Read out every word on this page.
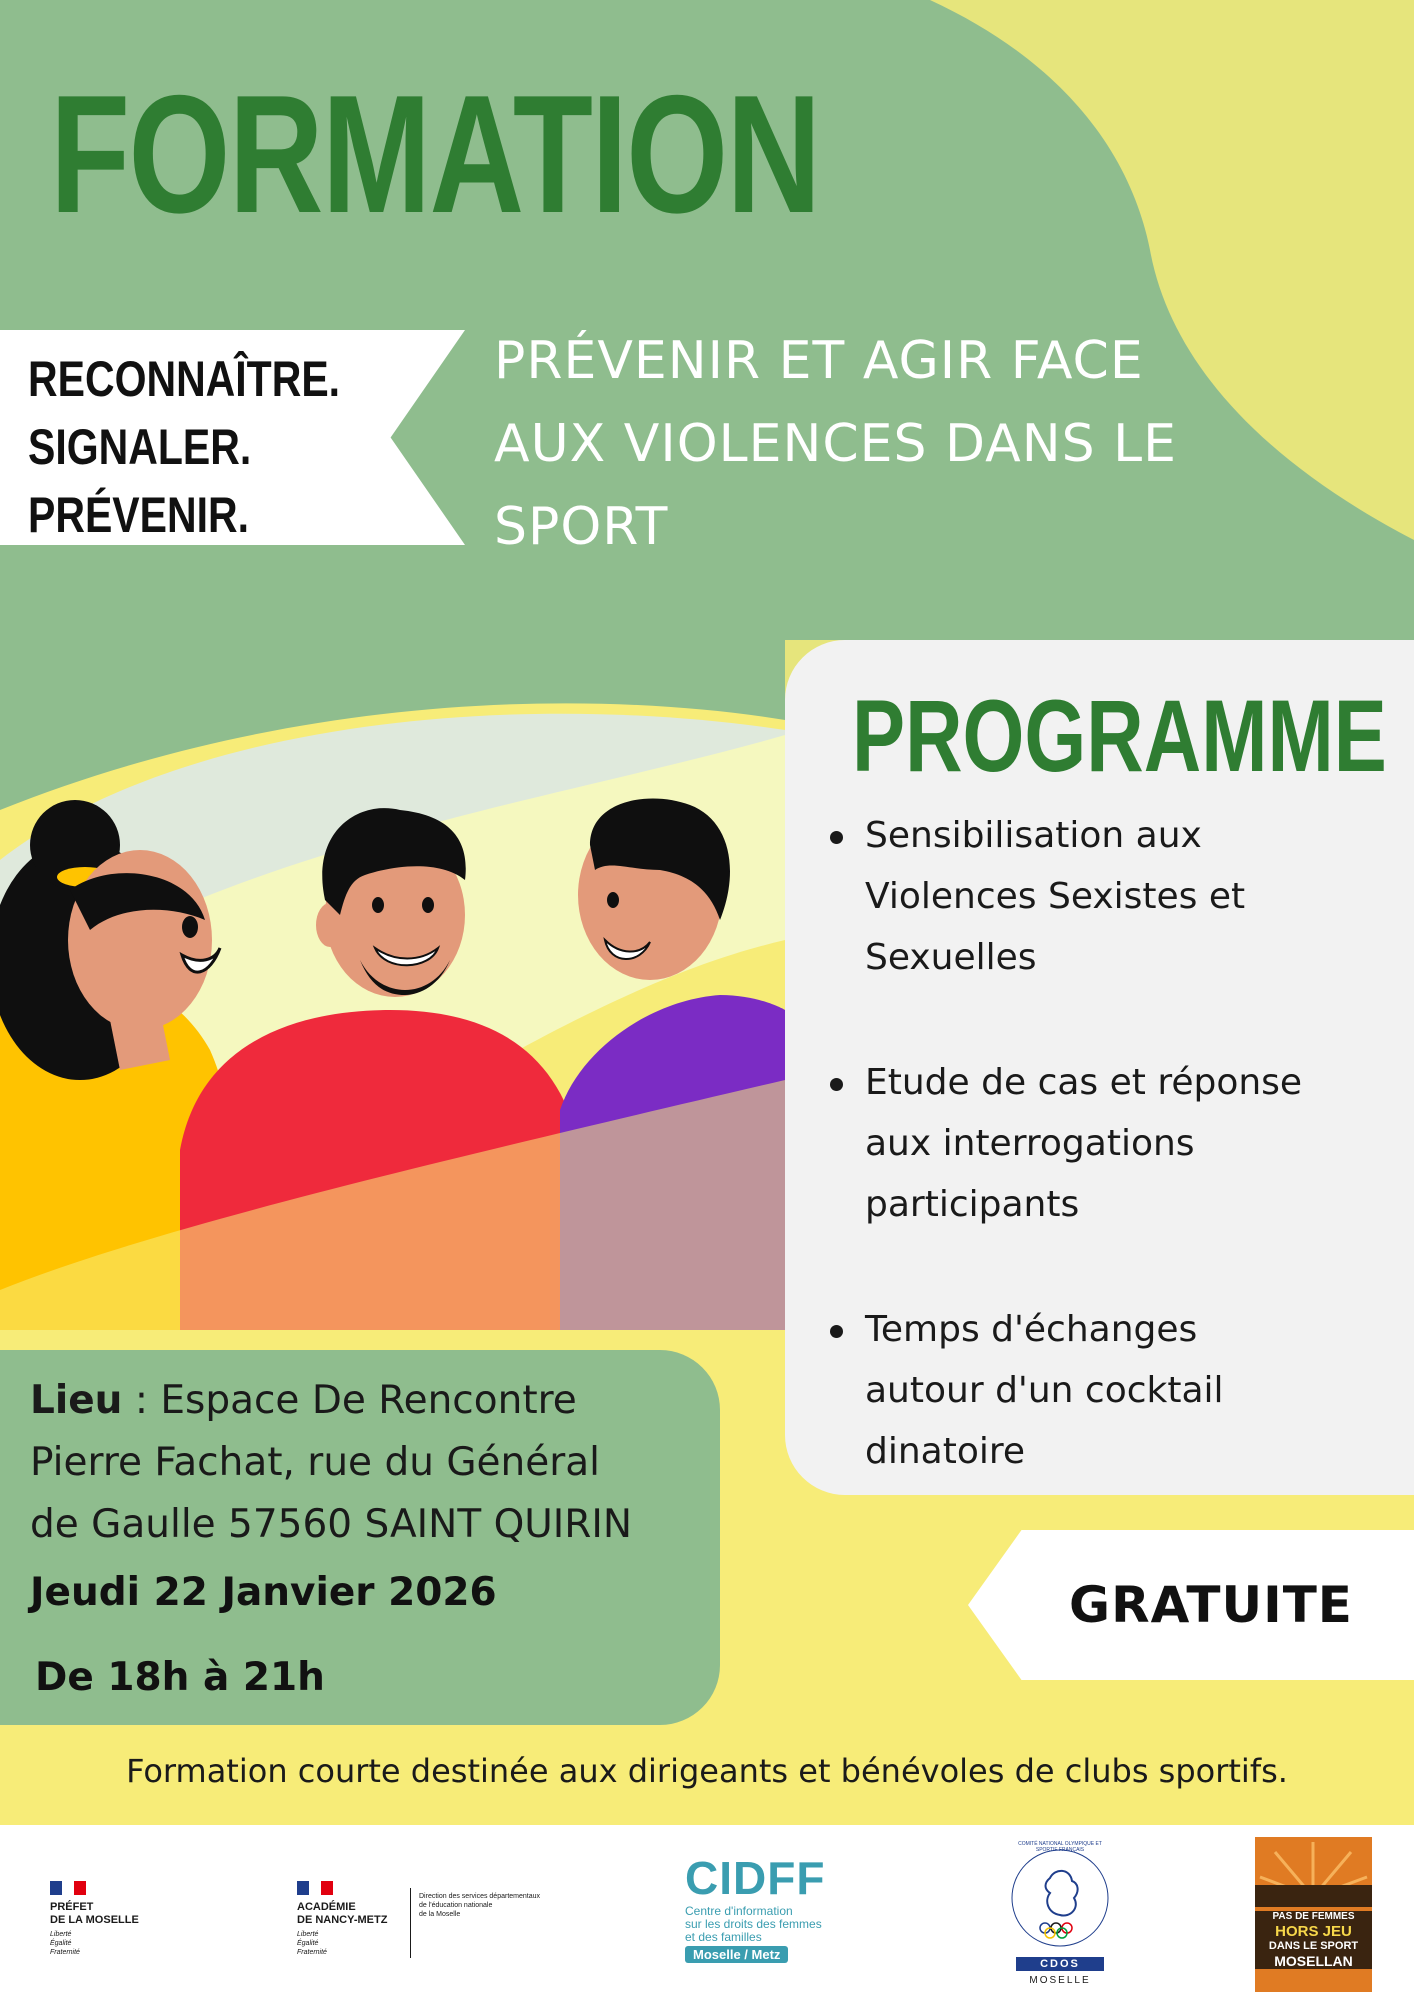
FORMATION
RECONNAÎTRE.
SIGNALER.
PRÉVENIR.
PRÉVENIR ET AGIR FACE
AUX VIOLENCES DANS LE
SPORT
PROGRAMME
Sensibilisation aux
Violences Sexistes et
Sexuelles
Etude de cas et réponse
aux interrogations
participants
Temps d'échanges
autour d'un cocktail
dinatoire
Lieu : Espace De Rencontre
Pierre Fachat, rue du Général
de Gaulle 57560 SAINT QUIRIN
Jeudi 22 Janvier 2026
De 18h à 21h
GRATUITE
Formation courte destinée aux dirigeants et bénévoles de clubs sportifs.
PRÉFET
DE LA MOSELLE
Liberté
Égalité
Fraternité
ACADÉMIE
DE NANCY-METZ
Liberté
Égalité
Fraternité
Direction des services départementaux
de l'éducation nationale
de la Moselle
CIDFF
Centre d'information
sur les droits des femmes
et des familles
Moselle / Metz
COMITÉ NATIONAL OLYMPIQUE ET SPORTIF FRANÇAIS
CDOS
MOSELLE
PAS DE FEMMES
HORS JEU
DANS LE SPORT
MOSELLAN
